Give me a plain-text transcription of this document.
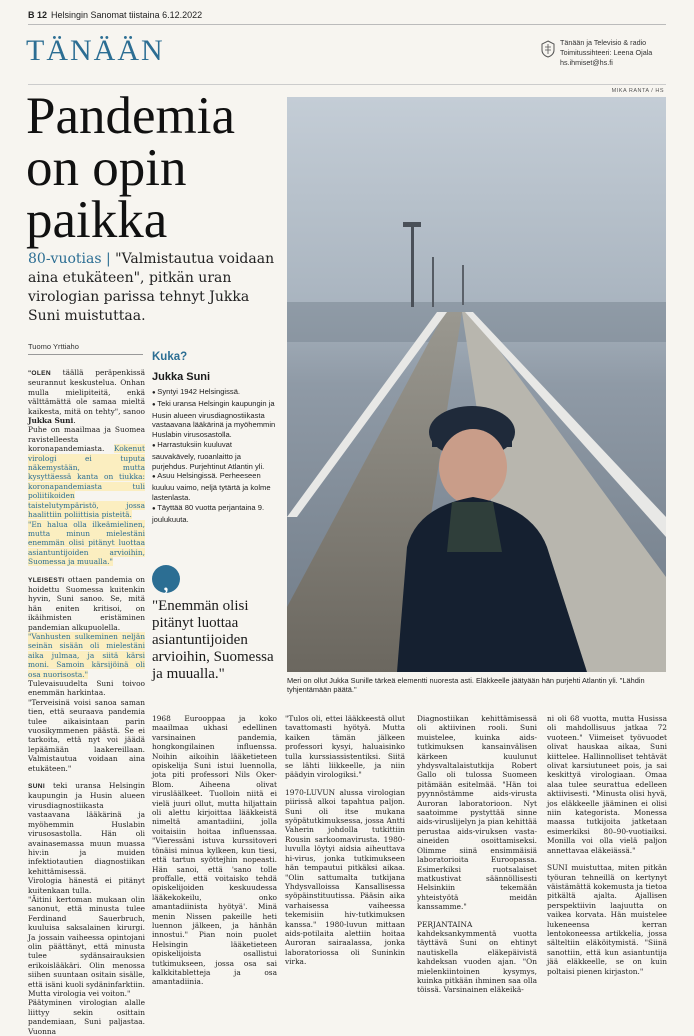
B 12 Helsingin Sanomat tiistaina 6.12.2022
TÄNÄÄN	Tänään ja Televisio & radio
Toimitussihteeri: Leena Ojala
hs.ihmiset@hs.fi
MIKA RANTA / HS
Pandemia on opin paikka
80-vuotias | "Valmistautua voidaan aina etukäteen", pitkän uran virologian parissa tehnyt Jukka Suni muistuttaa.
Tuomo Yrttiaho

"OLEN täällä peräpenkissä seurannut keskustelua. Onhan mulla mielipiteitä, enkä välttämättä ole samaa mieltä kaikesta, mitä on tehty", sanoo Jukka Suni.

Puhe on maailmaa ja Suomea ravistelleesta koronapandemiasta. Kokenut virologi ei tuputa näkemystään, mutta kysyttäessä kanta on tiukka: koronapandemiasta tuli poliitikoiden taistelutympäristö, jossa haalittiin poliittisia pisteitä.

"En halua olla ilkeämielinen, mutta minun mielestäni enemmän olisi pitänyt luottaa asiantuntijoiden arvioihin, Suomessa ja muualla."

YLEISESTI ottaen pandemia on hoidettu Suomessa kuitenkin hyvin, Suni sanoo. Se, mitä hän eniten kritisoi, on ikäihmisten eristäminen pandemian alkupuolella.

"Vanhusten sulkeminen neljän seinän sisään oli mielestäni aika julmaa, ja siitä kärsi moni. Samoin kärsijöinä oli osa nuorisosta."

Tulevaisuudelta Suni toivoo enemmän harkintaa.

"Terveisinä voisi sanoa saman tien, että seuraava pandemia tulee aikaisintaan parin vuosikymmenen päästä. Se ei tarkoita, että nyt voi jäädä lepäämään laakereillaan. Valmistautua voidaan aina etukäteen."

SUNI teki uransa Helsingin kaupungin ja Husin alueen virusdiagnostiikasta vastaavana lääkärinä ja myöhemmin Huslabin virusosastolla. Hän oli avainasemassa muun muassa hiv:in ja muiden infektiotautien diagnostiikan kehittämisessä.

Virologia hänestä ei pitänyt kuitenkaan tulla.

"Äitini kertoman mukaan olin sanonut, että minusta tulee Ferdinand Sauerbruch, kuuluisa saksalainen kirurgi. Ja jossain vaiheessa opintojani olin päättänyt, että minusta tulee sydänsairauksien erikoislääkäri. Olin menossa siihen suuntaan ositain sisälle, että isäni kuoli sydäninfarktiin. Mutta virologia vei voiton."

Päätyminen virologian alalle liittyy sekin osittain pandemiaan, Suni paljastaa. Vuonna

Kuka?
Jukka Suni
● Syntyi 1942 Helsingissä.
● Teki uransa Helsingin kaupungin ja Husin alueen virusdiagnostiikasta vastaavana lääkärinä ja myöhemmin Huslabin virusosastolla.
● Harrastuksiin kuuluvat sauvakävely, ruoanlaitto ja purjehdus. Purjehtinut Atlantin yli.
● Asuu Helsingissä. Perheeseen kuuluu vaimo, neljä tytärtä ja kolme lastenlasta.
● Täyttää 80 vuotta perjantaina 9. joulukuuta.
,
"Enemmän olisi pitänyt luottaa asiantuntijoiden arvioihin, Suomessa ja muualla."	Meri on ollut Jukka Sunille tärkeä elementti nuoresta asti. Eläkkeelle jäätyään hän purjehti Atlantin yli. "Lähdin tyhjentämään päätä."

1968 Eurooppaa ja koko maailmaa ukhasi edellinen varsinainen pandemia, hongkongilainen influenssa. Noihin aikoihin lääketieteen opiskelija Suni istui luennolla, jota piti professori Nils Oker-Blom. Aiheena olivat virusläälkeet. Tuolloin niitä ei vielä juuri ollut, mutta hiljattain oli alettu kirjoittaa lääkkeistä nimeltä amantadiini, jolla voitaisiin hoitaa influenssaa. "Vieressäni istuva kurssitoveri tönäisi minua kylkeen, kun tiesi, että tartun syöttejhin nopeasti. Hän sanoi, että 'sano tolle proffalle, että voitaisko tehdä opiskelijoiden keskuudessa lääkekokeilu, onko amantadiinista hyötyä'. Minä menin Nissen pakeille heti luennon jälkeen, ja hänhän innostui." Pian noin puolet Helsingin lääketieteen opiskelijoista osallistui tutkimukseen, jossa osa sai kalkkitabletteja ja osa amantadiinia.

"Tulos oli, ettei lääkkeestä ollut tavattomasti hyötyä. Mutta kaiken tämän jälkeen professori kysyi, haluaisinko tulla kurssiassistentiksi. Siitä se lähti liikkeelle, ja niin päädyin virologiksi."

1970-LUVUN alussa virologian piirissä alkoi tapahtua paljon. Suni oli itse mukana syöpätutkimuksessa, jossa Antti Vaherin johdolla tutkittiin Rousin sarkoomavirusta. 1980-luvulla löytyi aidsia aiheuttava hi-virus, jonka tutkimukseen hän tempautui pitkäksi aikaa. "Olin sattumalta tutkijana Yhdysvalloissa Kansallisessa syöpäinstituutissa. Pääsin aika varhaisessa vaiheessa tekemisiin hiv-tutkimuksen kanssa." 1980-luvun mittaan aids-potilaita alettiin hoitaa Auroran sairaalassa, jonka laboratoriossa oli Suninkin virka.

Diagnostiikan kehittämisessä oli aktiivinen rooli. Suni muistelee, kuinka aids-tutkimuksen kansainvälisen kärkeen kuulunut yhdysvaltalaistutkija Robert Gallo oli tulossa Suomeen pitämään esitelmää. "Hän toi pyynnöstämme aids-virusta Auroran laboratorioon. Nyt saatoimme pystyttää sinne aids-viruslijelyn ja pian kehittää perustaa aids-viruksen vasta-aineiden osoittamiseksi. Olimme siinä ensimmäisiä laboratorioita Euroopassa. Esimerkiksi ruotsalaiset matkustivat säännöllisesti Helsinkiin tekemään yhteistyötä meidän kanssamme."

PERJANTAINA kahdeksankymmentä vuotta täyttävä Suni on ehtinyt nautiskella eläkepäivistä kahdeksan vuoden ajan. "On mielenkiintoinen kysymys, kuinka pitkään ihminen saa olla töissä. Varsinainen eläkeikä-

ni oli 68 vuotta, mutta Husissa oli mahdollisuus jatkaa 72 vuoteen." Viimeiset työvuodet olivat hauskaa aikaa, Suni kiittelee. Hallinnolliset tehtävät olivat karsiutuneet pois, ja sai keskittyä virologiaan. Omaa alaa tulee seurattua edelleen aktiivisesti. "Minusta olisi hyvä, jos eläkkeelle jääminen ei olisi niin kategorista. Monessa maassa tutkijoita jatketaan esimerkiksi 80–90-vuotiaiksi. Monilla voi olla vielä paljon annettavaa eläkeiässä."

SUNI muistuttaa, miten pitkän työuran tehneillä on kertynyt väistämättä kokemusta ja tietoa pitkältä ajalta. Ajallisen perspektiivin laajuutta on vaikea korvata. Hän muistelee lukeneensa kerran lentokoneessa artikkelia, jossa sälteltiin eläköitymistä. "Siinä sanottiin, että kun asiantuntija jää eläkkeelle, se on kuin poltaisi pienen kirjaston."
